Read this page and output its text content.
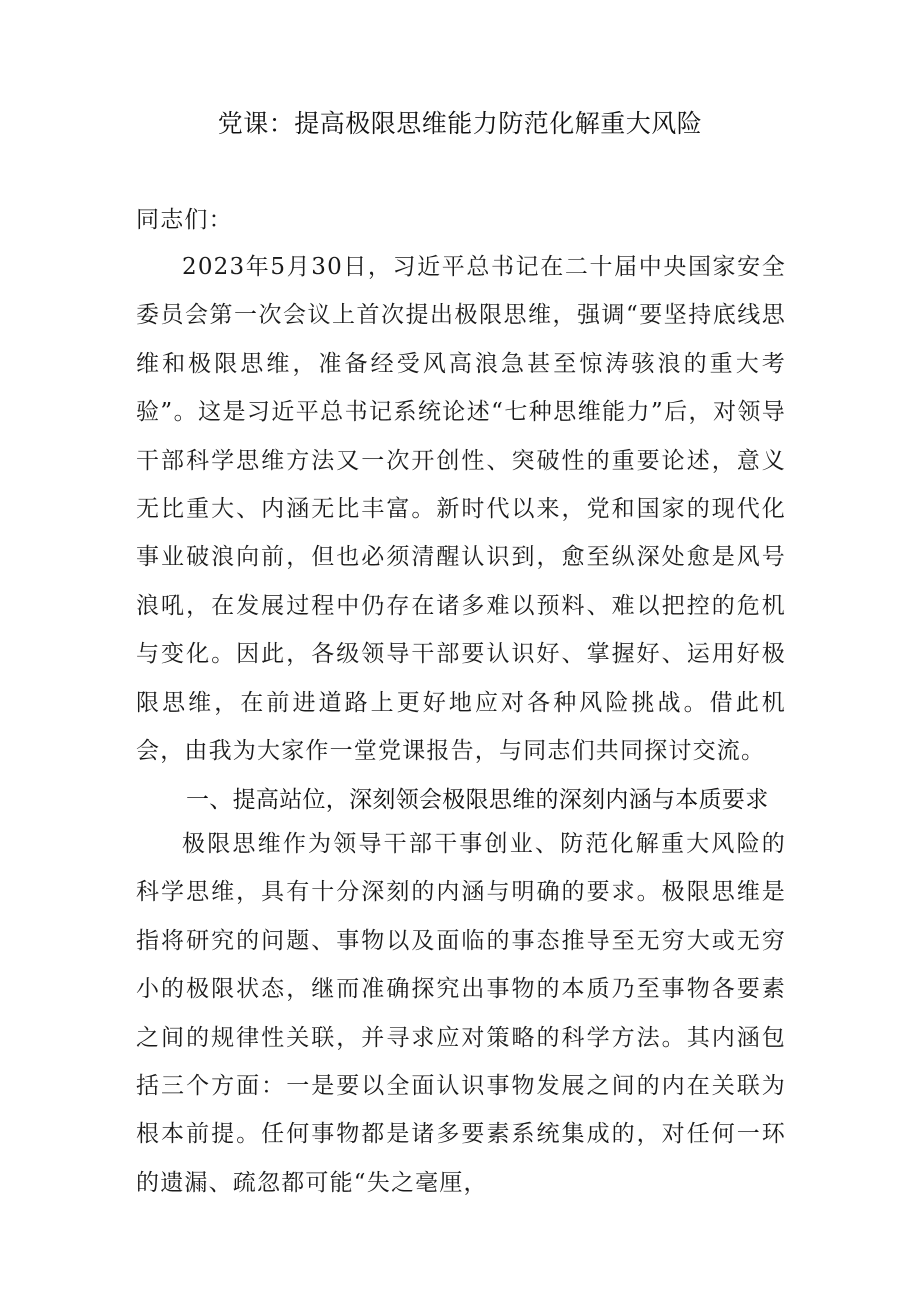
党课：提高极限思维能力防范化解重大风险

同志们：

2023年5月30日，习近平总书记在二十届中央国家安全委员会第一次会议上首次提出极限思维，强调“要坚持底线思维和极限思维，准备经受风高浪急甚至惊涛骇浪的重大考验”。这是习近平总书记系统论述“七种思维能力”后，对领导干部科学思维方法又一次开创性、突破性的重要论述，意义无比重大、内涵无比丰富。新时代以来，党和国家的现代化事业破浪向前，但也必须清醒认识到，愈至纵深处愈是风号浪吼，在发展过程中仍存在诸多难以预料、难以把控的危机与变化。因此，各级领导干部要认识好、掌握好、运用好极限思维，在前进道路上更好地应对各种风险挑战。借此机会，由我为大家作一堂党课报告，与同志们共同探讨交流。

一、提高站位，深刻领会极限思维的深刻内涵与本质要求

极限思维作为领导干部干事创业、防范化解重大风险的科学思维，具有十分深刻的内涵与明确的要求。极限思维是指将研究的问题、事物以及面临的事态推导至无穷大或无穷小的极限状态，继而准确探究出事物的本质乃至事物各要素之间的规律性关联，并寻求应对策略的科学方法。其内涵包括三个方面：一是要以全面认识事物发展之间的内在关联为根本前提。任何事物都是诸多要素系统集成的，对任何一环的遗漏、疏忽都可能“失之毫厘，
